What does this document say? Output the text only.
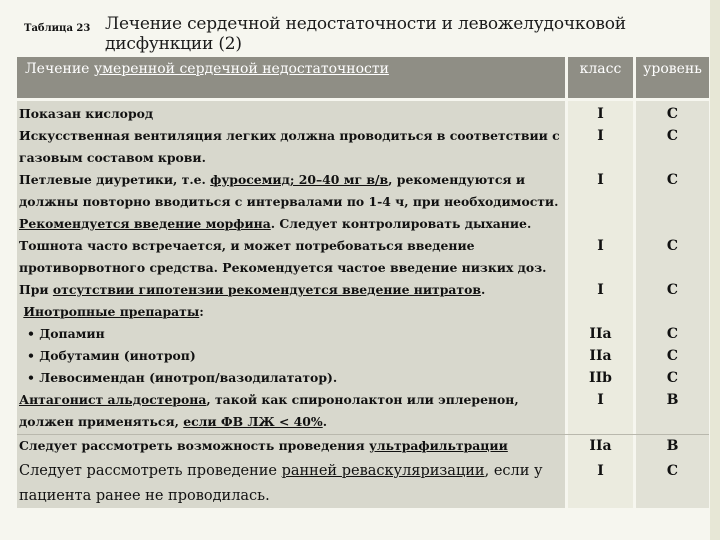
Таблица 23 Лечение сердечной недостаточности и левожелудочковой дисфункции (2)
Лечение умеренной сердечной недостаточности	класс	уровень
Показан кислород	I	C
Искусственная вентиляция легких должна проводиться в соответствии с
газовым составом крови.
I	C
Петлевые диуретики, т.е. фуросемид; 20–40 мг в/в, рекомендуются и
должны повторно вводиться с интервалами по 1-4 ч, при необходимости.
I	C
Рекомендуется введение морфина. Следует контролировать дыхание.
Тошнота часто встречается, и может потребоваться введение
противорвотного средства. Рекомендуется частое введение низких доз.
I	C
При отсутствии гипотензии рекомендуется введение нитратов.	I	C
Инотропные препараты:
• Допамин	IIa	C
• Добутамин (инотроп)	IIa	C
• Левосимендан (инотроп/вазодилататор).	IIb	C
Антагонист альдостерона, такой как спиронолактон или эплеренон,
должен применяться, если ФВ ЛЖ < 40%.
I	B
Следует рассмотреть возможность проведения ультрафильтрации	IIa	B
Следует рассмотреть проведение ранней реваскуляризации, если у
пациента ранее не проводилась.
I	C
